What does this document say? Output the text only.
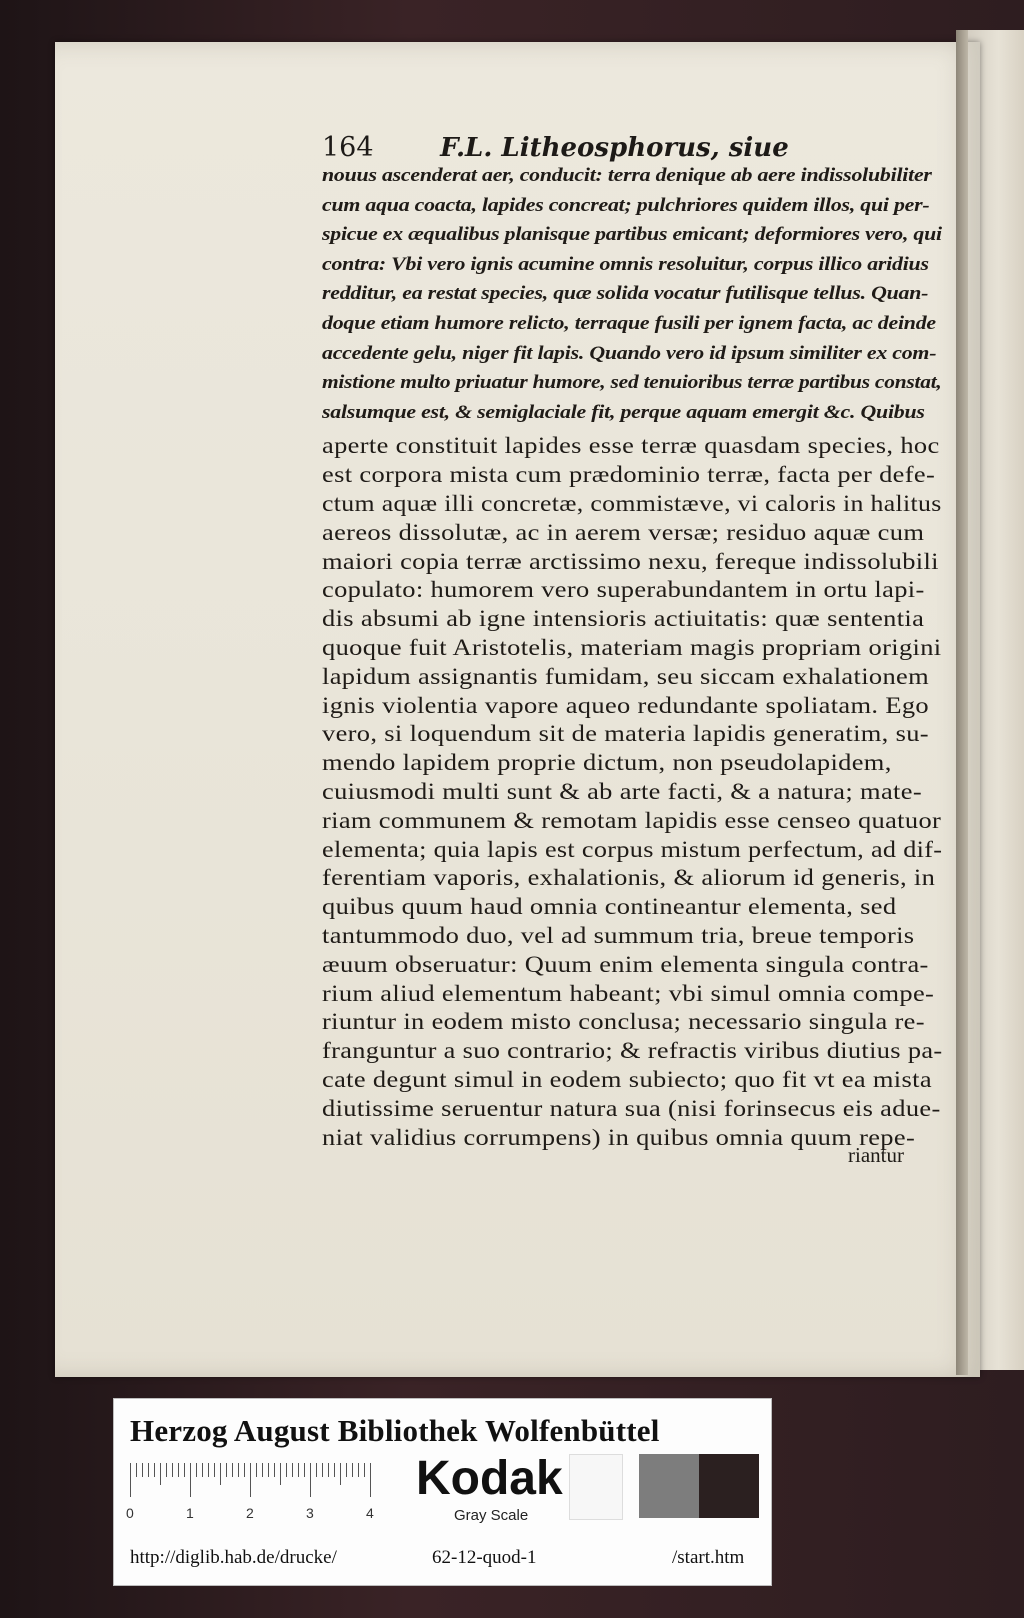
164	F.L. Litheosphorus, siue
nouus ascenderat aer, conducit: terra denique ab aere indissolubiliter
cum aqua coacta, lapides concreat; pulchriores quidem illos, qui per-
spicue ex æqualibus planisque partibus emicant; deformiores vero, qui
contra: Vbi vero ignis acumine omnis resoluitur, corpus illico aridius
redditur, ea restat species, quæ solida vocatur futilisque tellus. Quan-
doque etiam humore relicto, terraque fusili per ignem facta, ac deinde
accedente gelu, niger fit lapis. Quando vero id ipsum similiter ex com-
mistione multo priuatur humore, sed tenuioribus terræ partibus constat,
salsumque est, & semiglaciale fit, perque aquam emergit &c. Quibus
aperte constituit lapides esse terræ quasdam species, hoc
est corpora mista cum prædominio terræ, facta per defe-
ctum aquæ illi concretæ, commistæve, vi caloris in halitus
aereos dissolutæ, ac in aerem versæ; residuo aquæ cum
maiori copia terræ arctissimo nexu, fereque indissolubili
copulato: humorem vero superabundantem in ortu lapi-
dis absumi ab igne intensioris actiuitatis: quæ sententia
quoque fuit Aristotelis, materiam magis propriam origini
lapidum assignantis fumidam, seu siccam exhalationem
ignis violentia vapore aqueo redundante spoliatam. Ego
vero, si loquendum sit de materia lapidis generatim, su-
mendo lapidem proprie dictum, non pseudolapidem,
cuiusmodi multi sunt & ab arte facti, & a natura; mate-
riam communem & remotam lapidis esse censeo quatuor
elementa; quia lapis est corpus mistum perfectum, ad dif-
ferentiam vaporis, exhalationis, & aliorum id generis, in
quibus quum haud omnia contineantur elementa, sed
tantummodo duo, vel ad summum tria, breue temporis
æuum obseruatur: Quum enim elementa singula contra-
rium aliud elementum habeant; vbi simul omnia compe-
riuntur in eodem misto conclusa; necessario singula re-
franguntur a suo contrario; & refractis viribus diutius pa-
cate degunt simul in eodem subiecto; quo fit vt ea mista
diutissime seruentur natura sua (nisi forinsecus eis adue-
niat validius corrumpens) in quibus omnia quum repe-
riantur
Herzog August Bibliothek Wolfenbüttel
0	1	2	3	4
Kodak
Gray Scale
http://diglib.hab.de/drucke/	62-12-quod-1	/start.htm
